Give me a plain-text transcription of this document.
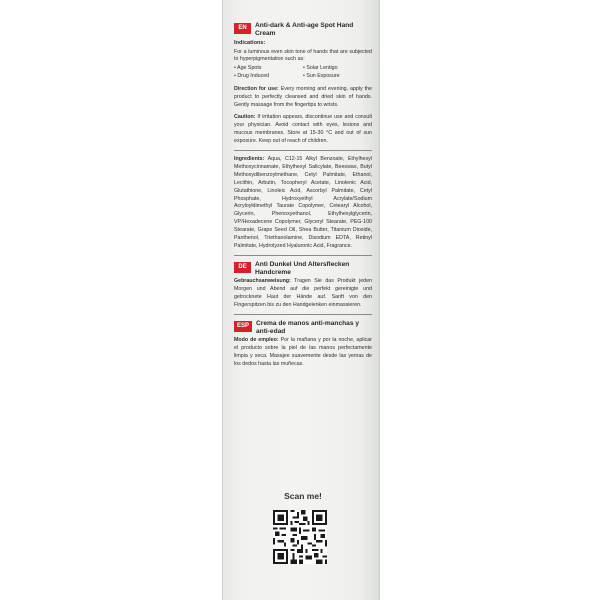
EN	Anti-dark & Anti-age Spot Hand Cream
Indications:

For a luminous even skin tone of hands that are subjected to hyperpigmentation such as:

• Age Spots	• Solar Lentigo
• Drug Induced	• Sun Exposure

Direction for use: Every morning and evening, apply the product to perfectly cleansed and dried skin of hands. Gently massage from the fingertips to wrists.

Caution: If irritation appears, discontinue use and consult your physician. Avoid contact with eyes, lesions and mucous membranes. Store at 15-30 °C and out of sun exposure. Keep out of reach of children.

Ingredients: Aqua, C12-15 Alkyl Benzoate, Ethylhexyl Methoxycinnamate, Ethylhexyl Salicylate, Beeswax, Butyl Methoxydibenzoylmethane, Cetyl Palmitate, Ethanol, Lecithin, Arbutin, Tocopheryl Acetate, Linolenic Acid, Glutathione, Linoleic Acid, Ascorbyl Palmitate, Cetyl Phosphate, Hydroxyethyl Acrylate/Sodium Acryloyldimethyl Taurate Copolymer, Cetearyl Alcohol, Glycerin, Phenoxyethanol, Ethylhexylglycerin, VP/Hexadecene Copolymer, Glyceryl Stearate, PEG-100 Stearate, Grape Seed Oil, Shea Butter, Titanium Dioxide, Panthenol, Triethanolamine, Disodium EDTA, Retinyl Palmitate, Hydrolyzed Hyaluronic Acid, Fragrance.

DE	Anti Dunkel Und Altersflecken Handcreme

Gebrauchsanweisung: Tragen Sie das Produkt jeden Morgen und Abend auf die perfekt gereinigte und getrocknete Haut der Hände auf. Sanft von den Fingerspitzen bis zu den Handgelenken einmassieren.

ESP	Crema de manos anti-manchas y anti-edad

Modo de empleo: Por la mañana y por la noche, aplicar el producto sobre la piel de las manos perfectamente limpia y seca. Masajee suavemente desde las yemas de los dedos hasta las muñecas.

Scan me!
